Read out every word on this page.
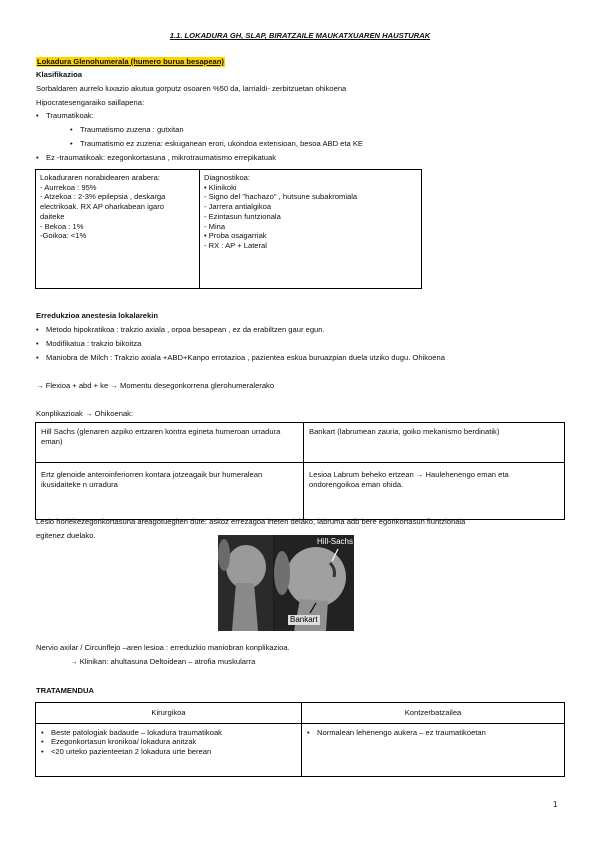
1.1. LOKADURA GH, SLAP, BIRATZAILE MAUKATXUAREN HAUSTURAK
Lokadura Glenohumerala (humero burua besapean)
Klasifikazioa
Sorbaldaren aurrelo luxazio akutua gorputz osoaren %50 da, larrialdi- zerbitzuetan ohikoena
Hipocratesengaraiko saillapena:
• Traumatikoak:
• Traumatismo zuzena : gutxitan
• Traumatismo ez zuzena: eskuganean erori, ukondoa extensioan, besoa ABD eta KE
• Ez -traumatikoak: ezegonkortasuna , mikrotraumatismo errepikatuak
Lokaduraren norabidearen arabera:
- Aurrekoa : 95%
- Atzekoa : 2-3% epilepsia , deskarga
electrikoak. RX AP oharkabean igaro
daiteke
- Bekoa : 1%
-Goikoa: <1%

Diagnostikoa:
• Klinikoki
- Signo del "hachazo" , hutsune subakromiala
- Jarrera antialgikoa
- Ezintasun funtzionala
- Mina
• Proba osagarriak
- RX : AP + Lateral
Erredukzioa anestesia lokalarekin
• Metodo hipokratikoa : trakzio axiala , orpoa besapean , ez da erabiltzen gaur egun.
• Modifikatua : trakzio bikoitza
• Maniobra de Milch : Trakzio axiala +ABD+Kanpo errotazioa , pazientea eskua buruazpian duela utziko dugu. Ohikoena
→ Flexioa + abd + ke → Momentu desegonkorrena glerohumeralerako
Konplikazioak → Ohikoenak:
Hill Sachs (glenaren azpiko ertzaren kontra egineta humeroan urradura eman)	Bankart (labrumean zauria, goiko mekanismo berdinatik)
Ertz glenoide anteroinferiorren kontara jotzeagaik bur humeralean ikusidaiteke n urradura	Lesioa Labrum beheko ertzean → Haulehenengo eman eta ondorengoikoa eman ohida.
Lesio horiekezegonkortasuna areagotuegiten dute: askoz errezagoa irteten delako, labruma adb bere egonkortasun fiuntzionala
egitenez duelako.
Hill-Sachs
Bankart
Nervio axilar / Circunflejo –aren lesioa : erreduzkio maniobran konplikazioa.
→ Klinikan: ahultasuna Deltoidean – atrofia muskularra
TRATAMENDUA
Kirurgikoa	Kontzerbatzailea

• Beste patologiak badaude – lokadura traumatikoak
• Ezegonkortasun kronikoa/ lokadura anitzak
• <20 urteko pazienteetan 2 lokadura urte berean	• Normalean lehenengo aukera – ez traumatikoetan
1
